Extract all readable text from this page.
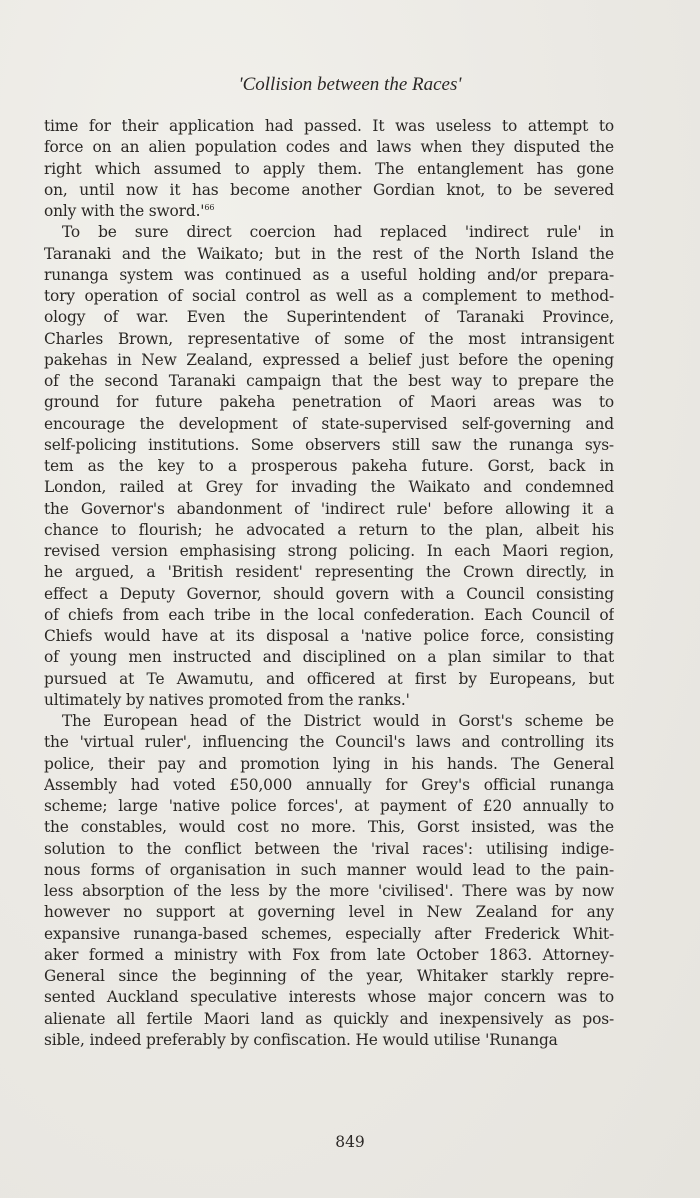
'Collision between the Races'
time for their application had passed. It was useless to attempt to
force on an alien population codes and laws when they disputed the
right which assumed to apply them. The entanglement has gone
on, until now it has become another Gordian knot, to be severed
only with the $sword.'^{66}$
To be sure direct coercion had replaced 'indirect rule' in
Taranaki and the Waikato; but in the rest of the North Island the
runanga system was continued as a useful holding and/or prepara-
tory operation of social control as well as a complement to method-
ology of war. Even the Superintendent of Taranaki Province,
Charles Brown, representative of some of the most intransigent
pakehas in New Zealand, expressed a belief just before the opening
of the second Taranaki campaign that the best way to prepare the
ground for future pakeha penetration of Maori areas was to
encourage the development of state-supervised self-governing and
self-policing institutions. Some observers still saw the runanga sys-
tem as the key to a prosperous pakeha future. Gorst, back in
London, railed at Grey for invading the Waikato and condemned
the Governor's abandonment of 'indirect rule' before allowing it a
chance to flourish; he advocated a return to the plan, albeit his
revised version emphasising strong policing. In each Maori region,
he argued, a 'British resident' representing the Crown directly, in
effect a Deputy Governor, should govern with a Council consisting
of chiefs from each tribe in the local confederation. Each Council of
Chiefs would have at its disposal a 'native police force, consisting
of young men instructed and disciplined on a plan similar to that
pursued at Te Awamutu, and officered at first by Europeans, but
ultimately by natives promoted from the ranks.'
The European head of the District would in Gorst's scheme be
the 'virtual ruler', influencing the Council's laws and controlling its
police, their pay and promotion lying in his hands. The General
Assembly had voted £50,000 annually for Grey's official runanga
scheme; large 'native police forces', at payment of £20 annually to
the constables, would cost no more. This, Gorst insisted, was the
solution to the conflict between the 'rival races': utilising indige-
nous forms of organisation in such manner would lead to the pain-
less absorption of the less by the more 'civilised'. There was by now
however no support at governing level in New Zealand for any
expansive runanga-based schemes, especially after Frederick Whit-
aker formed a ministry with Fox from late October 1863. Attorney-
General since the beginning of the year, Whitaker starkly repre-
sented Auckland speculative interests whose major concern was to
alienate all fertile Maori land as quickly and inexpensively as pos-
sible, indeed preferably by confiscation. He would utilise 'Runanga
849
